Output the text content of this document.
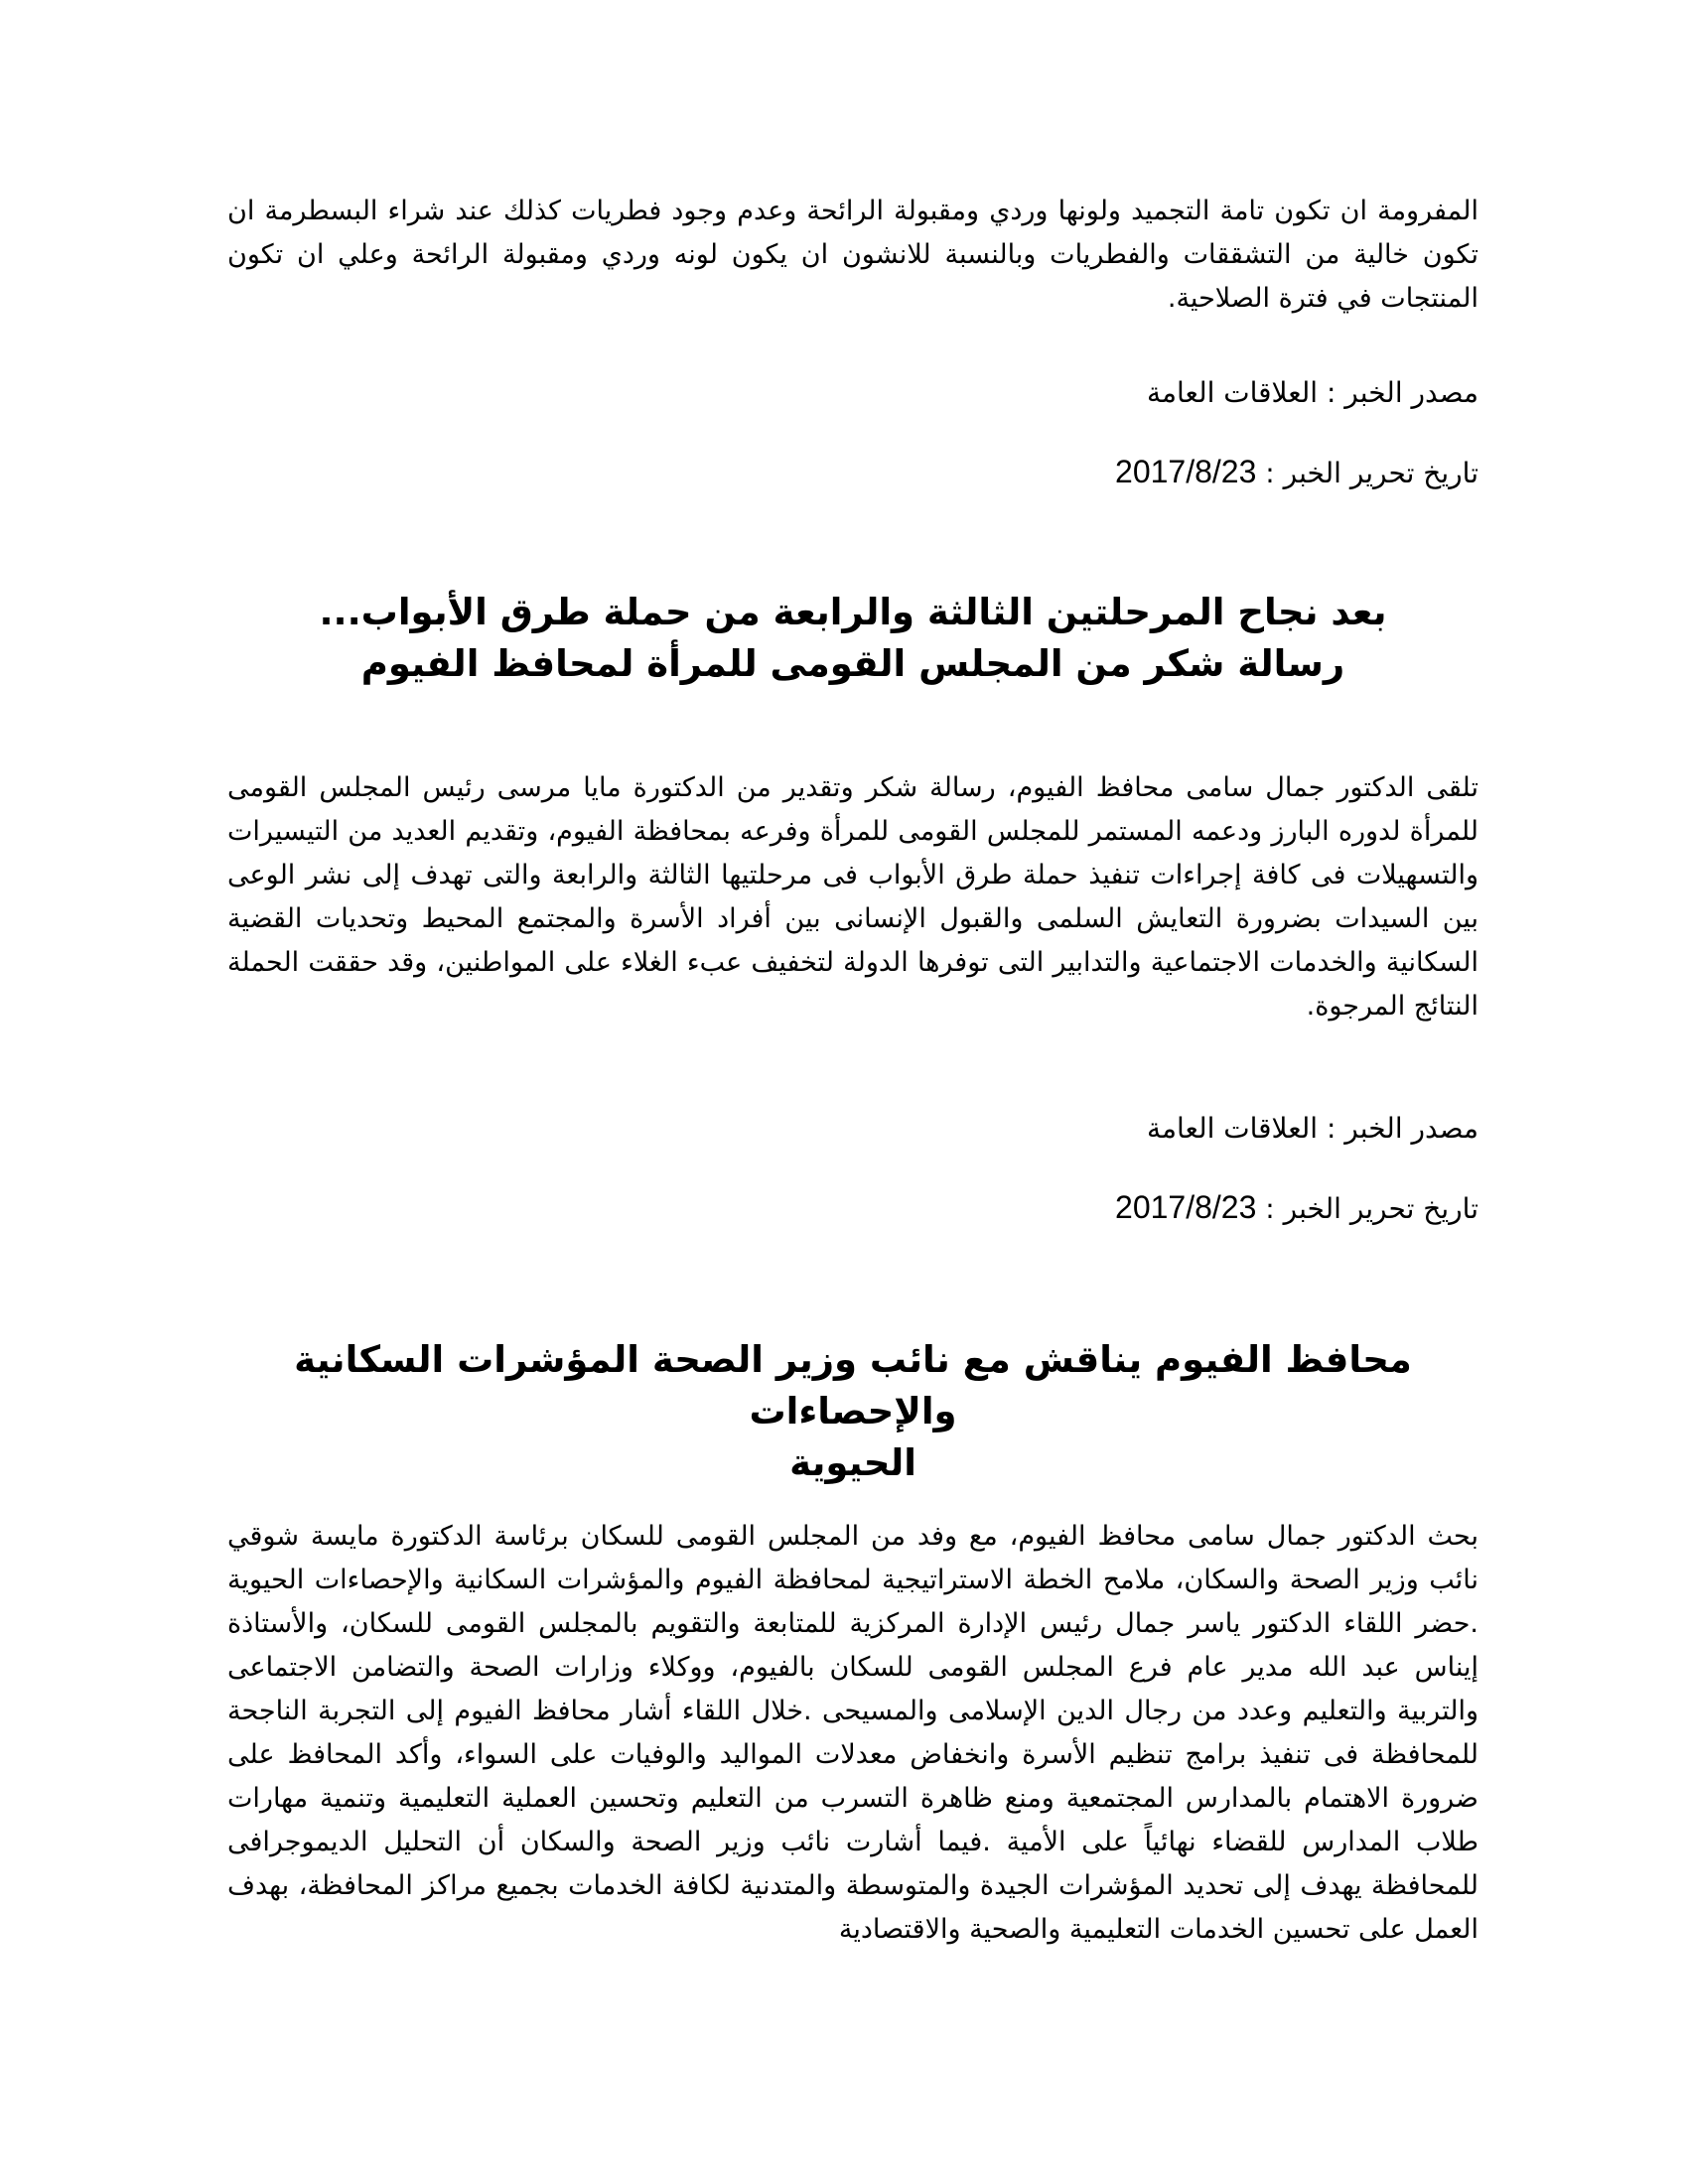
المفرومة ان تكون تامة التجميد ولونها وردي ومقبولة الرائحة وعدم وجود فطريات كذلك عند شراء البسطرمة ان تكون خالية من التشققات والفطريات وبالنسبة للانشون ان يكون لونه وردي ومقبولة الرائحة وعلي ان تكون المنتجات في فترة الصلاحية.

مصدر الخبر : العلاقات العامة

تاريخ تحرير الخبر : 2017/8/23

بعد نجاح المرحلتين الثالثة والرابعة من حملة طرق الأبواب...
رسالة شكر من المجلس القومى للمرأة لمحافظ الفيوم

تلقى الدكتور جمال سامى محافظ الفيوم، رسالة شكر وتقدير من الدكتورة مايا مرسى رئيس المجلس القومى للمرأة لدوره البارز ودعمه المستمر للمجلس القومى للمرأة وفرعه بمحافظة الفيوم، وتقديم العديد من التيسيرات والتسهيلات فى كافة إجراءات تنفيذ حملة طرق الأبواب فى مرحلتيها الثالثة والرابعة والتى تهدف إلى نشر الوعى بين السيدات بضرورة التعايش السلمى والقبول الإنسانى بين أفراد الأسرة والمجتمع المحيط وتحديات القضية السكانية والخدمات الاجتماعية والتدابير التى توفرها الدولة لتخفيف عبء الغلاء على المواطنين، وقد حققت الحملة النتائج المرجوة.

مصدر الخبر : العلاقات العامة

تاريخ تحرير الخبر : 2017/8/23

محافظ الفيوم يناقش مع نائب وزير الصحة المؤشرات السكانية والإحصاءات
الحيوية

بحث الدكتور جمال سامى محافظ الفيوم، مع وفد من المجلس القومى للسكان برئاسة الدكتورة مايسة شوقي نائب وزير الصحة والسكان، ملامح الخطة الاستراتيجية لمحافظة الفيوم والمؤشرات السكانية والإحصاءات الحيوية .حضر اللقاء الدكتور ياسر جمال رئيس الإدارة المركزية للمتابعة والتقويم بالمجلس القومى للسكان، والأستاذة إيناس عبد الله مدير عام فرع المجلس القومى للسكان بالفيوم، ووكلاء وزارات الصحة والتضامن الاجتماعى والتربية والتعليم وعدد من رجال الدين الإسلامى والمسيحى .خلال اللقاء أشار محافظ الفيوم إلى التجربة الناجحة للمحافظة فى تنفيذ برامج تنظيم الأسرة وانخفاض معدلات المواليد والوفيات على السواء، وأكد المحافظ على ضرورة الاهتمام بالمدارس المجتمعية ومنع ظاهرة التسرب من التعليم وتحسين العملية التعليمية وتنمية مهارات طلاب المدارس للقضاء نهائياً على الأمية .فيما أشارت نائب وزير الصحة والسكان أن التحليل الديموجرافى للمحافظة يهدف إلى تحديد المؤشرات الجيدة والمتوسطة والمتدنية لكافة الخدمات بجميع مراكز المحافظة، بهدف العمل على تحسين الخدمات التعليمية والصحية والاقتصادية
